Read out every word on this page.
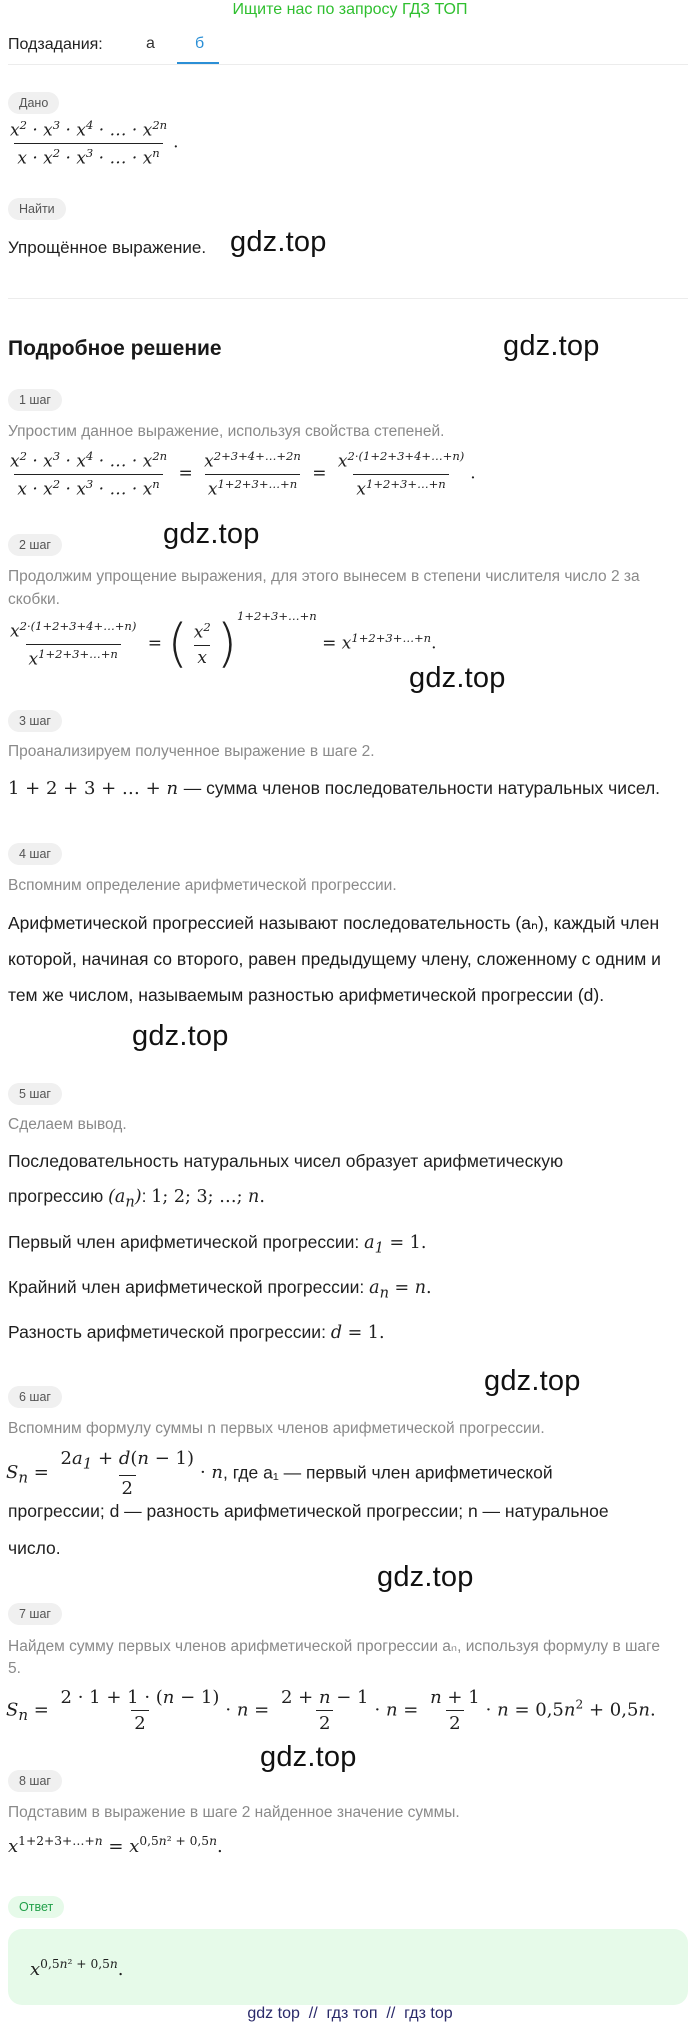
Ищите нас по запросу ГДЗ ТОП
Подзадания:	а	б
Дано
$\frac{x^2 \cdot x^3 \cdot x^4 \cdot \dots \cdot x^{2n}}{x \cdot x^2 \cdot x^3 \cdot \dots \cdot x^n}$ .
Найти
Упрощённое выражение. gdz.top
Подробное решение	gdz.top
1 шаг
Упростим данное выражение, используя свойства степеней.
$\frac{x^2 \cdot x^3 \cdot x^4 \cdot \dots \cdot x^{2n}}{x \cdot x^2 \cdot x^3 \cdot \dots \cdot x^n} = \frac{x^{2+3+4+\dots+2n}}{x^{1+2+3+\dots+n}} = \frac{x^{2\cdot(1+2+3+4+\dots+n)}}{x^{1+2+3+\dots+n}}$ .
2 шаг	gdz.top
Продолжим упрощение выражения, для этого вынесем в степени числителя число 2 за скобки.
$\frac{x^{2\cdot(1+2+3+4+\dots+n)}}{x^{1+2+3+\dots+n}}$ = ( $\frac{x^2}{x} )^{1+2+3+\dots+n} = x^{1+2+3+\dots+n}$.
gdz.top
3 шаг
Проанализируем полученное выражение в шаге 2.
1 + 2 + 3 + … + n — сумма членов последовательности натуральных чисел.
4 шаг
Вспомним определение арифметической прогрессии.
Арифметической прогрессией называют последовательность (aₙ), каждый член которой, начиная со второго, равен предыдущему члену, сложенному с одним и тем же числом, называемым разностью арифметической прогрессии (d).
gdz.top
5 шаг
Сделаем вывод.
Последовательность натуральных чисел образует арифметическую
прогрессию $(a_n)$: 1; 2; 3; …; n.
Первый член арифметической прогрессии: $a_1 = 1$.
Крайний член арифметической прогрессии: $a_n = n$.
Разность арифметической прогрессии: d = 1.
gdz.top
6 шаг
Вспомним формулу суммы n первых членов арифметической прогрессии.
$S_n = \frac{2a_1 + d(n - 1)}{2} \cdot n$, где a₁ — первый член арифметической
прогрессии; d — разность арифметической прогрессии; n — натуральное
число.
gdz.top
7 шаг
Найдем сумму первых членов арифметической прогрессии aₙ, используя формулу в шаге 5.
$S_n = \frac{2 \cdot 1 + 1 \cdot (n - 1)}{2} \cdot n = \frac{2 + n - 1}{2} \cdot n = \frac{n + 1}{2} \cdot n = 0,5n^2 + 0,5n$.
gdz.top
8 шаг
Подставим в выражение в шаге 2 найденное значение суммы.
$x^{1+2+3+\dots+n} = x^{0,5n^2 + 0,5n}$.
Ответ
$x^{0,5n^2 + 0,5n}$.
gdz top  //  гдз топ  //  гдз top
